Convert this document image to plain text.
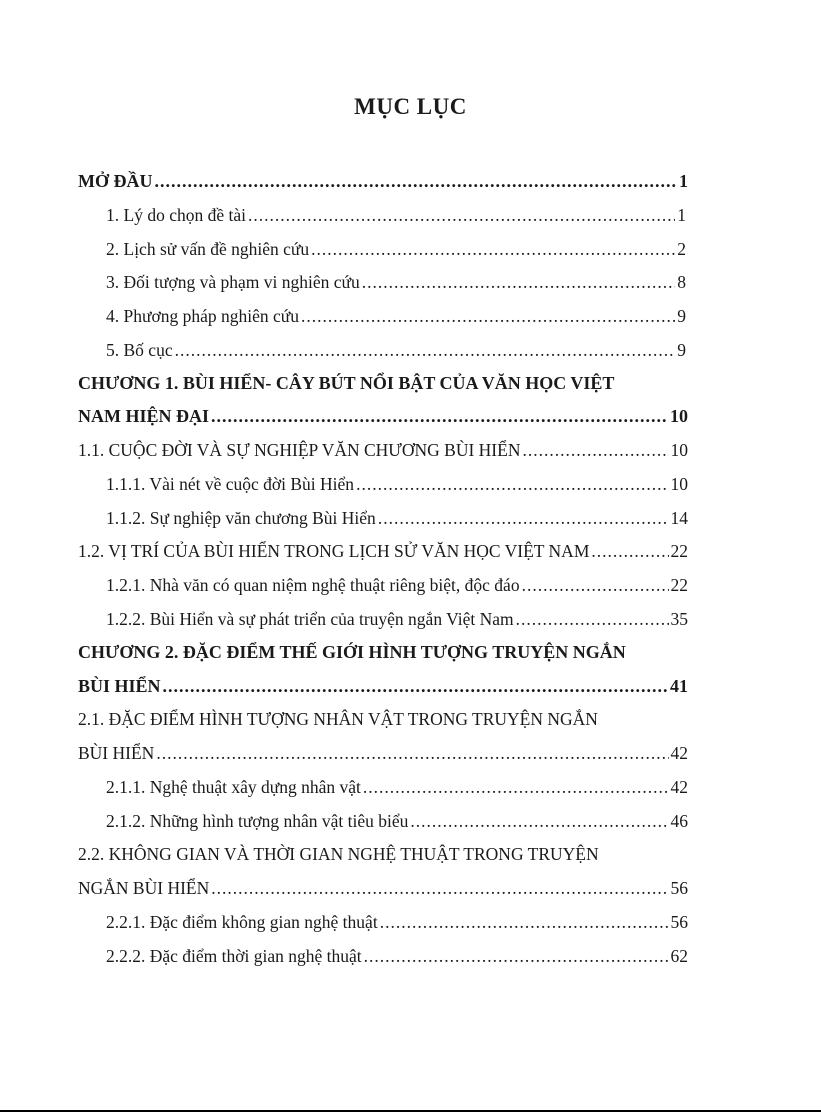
MỤC LỤC
MỞ ĐẦU .....	1
1. Lý do chọn đề tài .....	1
2. Lịch sử vấn đề nghiên cứu .....	2
3. Đối tượng và phạm vi nghiên cứu .....	8
4. Phương pháp nghiên cứu .....	9
5. Bố cục .....	9
CHƯƠNG 1. BÙI HIỂN- CÂY BÚT NỔI BẬT CỦA VĂN HỌC VIỆT
NAM HIỆN ĐẠI .....	10
1.1. CUỘC ĐỜI VÀ SỰ NGHIỆP VĂN CHƯƠNG BÙI HIỂN .....	10
1.1.1. Vài nét về cuộc đời Bùi Hiển .....	10
1.1.2. Sự nghiệp văn chương Bùi Hiển .....	14
1.2. VỊ TRÍ CỦA BÙI HIỂN TRONG LỊCH SỬ VĂN HỌC VIỆT NAM .....	22
1.2.1. Nhà văn có quan niệm nghệ thuật riêng biệt, độc đáo .....	22
1.2.2. Bùi Hiển và sự phát triển của truyện ngắn Việt Nam .....	35
CHƯƠNG 2. ĐẶC ĐIỂM THẾ GIỚI HÌNH TƯỢNG TRUYỆN NGẮN
BÙI HIỂN .....	41
2.1. ĐẶC ĐIỂM HÌNH TƯỢNG NHÂN VẬT TRONG TRUYỆN NGẮN
BÙI HIỂN .....	42
2.1.1. Nghệ thuật xây dựng nhân vật .....	42
2.1.2. Những hình tượng nhân vật tiêu biểu .....	46
2.2. KHÔNG GIAN VÀ THỜI GIAN NGHỆ THUẬT TRONG TRUYỆN
NGẮN BÙI HIỂN .....	56
2.2.1. Đặc điểm không gian nghệ thuật .....	56
2.2.2. Đặc điểm thời gian nghệ thuật .....	62
